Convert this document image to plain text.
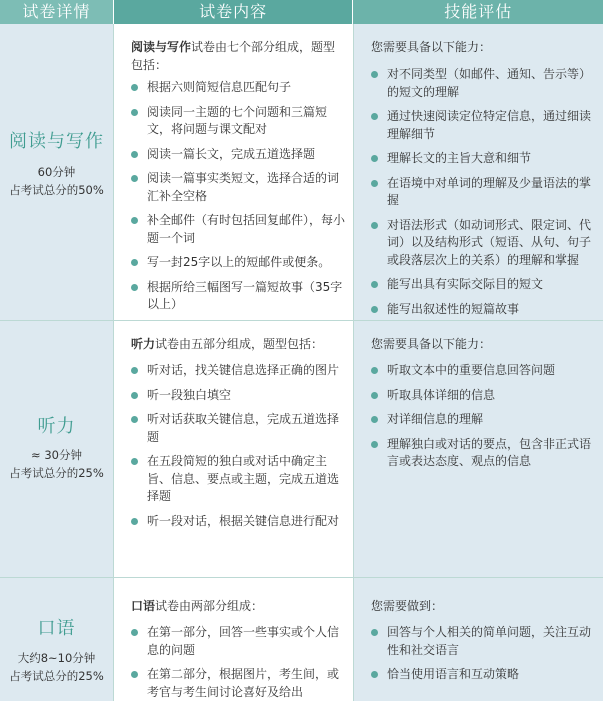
试卷详情	试卷内容	技能评估
阅读与写作
60分钟
占考试总分的50%
阅读与写作试卷由七个部分组成，题型包括：
根据六则简短信息匹配句子
阅读同一主题的七个问题和三篇短文，将问题与课文配对
阅读一篇长文，完成五道选择题
阅读一篇事实类短文，选择合适的词汇补全空格
补全邮件（有时包括回复邮件），每小题一个词
写一封25字以上的短邮件或便条。
根据所给三幅图写一篇短故事（35字以上）
您需要具备以下能力：
对不同类型（如邮件、通知、告示等）的短文的理解
通过快速阅读定位特定信息，通过细读理解细节
理解长文的主旨大意和细节
在语境中对单词的理解及少量语法的掌握
对语法形式（如动词形式、限定词、代词）以及结构形式（短语、从句、句子或段落层次上的关系）的理解和掌握
能写出具有实际交际目的短文
能写出叙述性的短篇故事
听力
≈ 30分钟
占考试总分的25%
听力试卷由五部分组成，题型包括：
听对话，找关键信息选择正确的图片
听一段独白填空
听对话获取关键信息，完成五道选择题
在五段简短的独白或对话中确定主旨、信息、要点或主题，完成五道选择题
听一段对话，根据关键信息进行配对
您需要具备以下能力：
听取文本中的重要信息回答问题
听取具体详细的信息
对详细信息的理解
理解独白或对话的要点，包含非正式语言或表达态度、观点的信息
口语
大约8~10分钟
占考试总分的25%
口语试卷由两部分组成：
在第一部分，回答一些事实或个人信息的问题
在第二部分，根据图片，考生间，或考官与考生间讨论喜好及给出
您需要做到：
回答与个人相关的简单问题，关注互动性和社交语言
恰当使用语言和互动策略
